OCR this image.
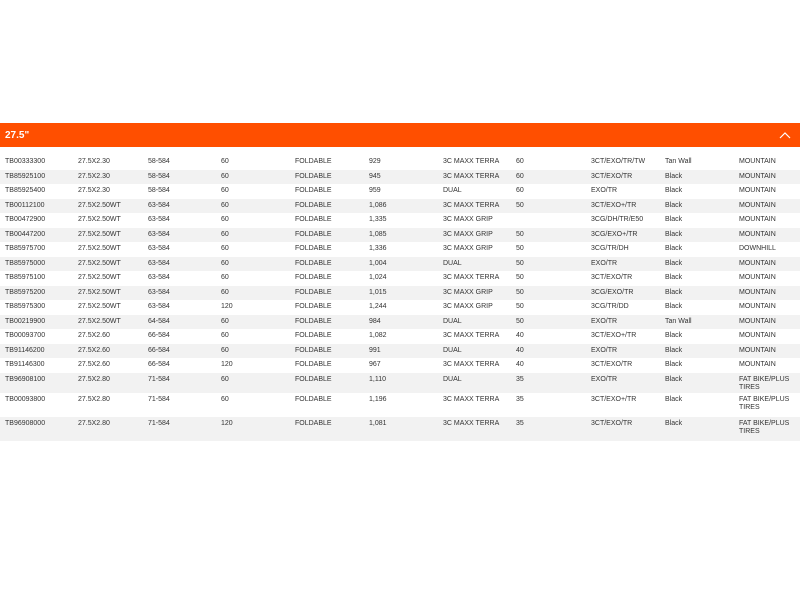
27.5"
TB00333300	27.5X2.30	58-584	60	FOLDABLE	929	3C MAXX TERRA	60	3CT/EXO/TR/TW	Tan Wall	MOUNTAIN
TB85925100	27.5X2.30	58-584	60	FOLDABLE	945	3C MAXX TERRA	60	3CT/EXO/TR	Black	MOUNTAIN
TB85925400	27.5X2.30	58-584	60	FOLDABLE	959	DUAL	60	EXO/TR	Black	MOUNTAIN
TB00112100	27.5X2.50WT	63-584	60	FOLDABLE	1,086	3C MAXX TERRA	50	3CT/EXO+/TR	Black	MOUNTAIN
TB00472900	27.5X2.50WT	63-584	60	FOLDABLE	1,335	3C MAXX GRIP		3CG/DH/TR/E50	Black	MOUNTAIN
TB00447200	27.5X2.50WT	63-584	60	FOLDABLE	1,085	3C MAXX GRIP	50	3CG/EXO+/TR	Black	MOUNTAIN
TB85975700	27.5X2.50WT	63-584	60	FOLDABLE	1,336	3C MAXX GRIP	50	3CG/TR/DH	Black	DOWNHILL
TB85975000	27.5X2.50WT	63-584	60	FOLDABLE	1,004	DUAL	50	EXO/TR	Black	MOUNTAIN
TB85975100	27.5X2.50WT	63-584	60	FOLDABLE	1,024	3C MAXX TERRA	50	3CT/EXO/TR	Black	MOUNTAIN
TB85975200	27.5X2.50WT	63-584	60	FOLDABLE	1,015	3C MAXX GRIP	50	3CG/EXO/TR	Black	MOUNTAIN
TB85975300	27.5X2.50WT	63-584	120	FOLDABLE	1,244	3C MAXX GRIP	50	3CG/TR/DD	Black	MOUNTAIN
TB00219900	27.5X2.50WT	64-584	60	FOLDABLE	984	DUAL	50	EXO/TR	Tan Wall	MOUNTAIN
TB00093700	27.5X2.60	66-584	60	FOLDABLE	1,082	3C MAXX TERRA	40	3CT/EXO+/TR	Black	MOUNTAIN
TB91146200	27.5X2.60	66-584	60	FOLDABLE	991	DUAL	40	EXO/TR	Black	MOUNTAIN
TB91146300	27.5X2.60	66-584	120	FOLDABLE	967	3C MAXX TERRA	40	3CT/EXO/TR	Black	MOUNTAIN
TB96908100	27.5X2.80	71-584	60	FOLDABLE	1,110	DUAL	35	EXO/TR	Black	FAT BIKE/PLUS TIRES
TB00093800	27.5X2.80	71-584	60	FOLDABLE	1,196	3C MAXX TERRA	35	3CT/EXO+/TR	Black	FAT BIKE/PLUS TIRES
TB96908000	27.5X2.80	71-584	120	FOLDABLE	1,081	3C MAXX TERRA	35	3CT/EXO/TR	Black	FAT BIKE/PLUS TIRES
